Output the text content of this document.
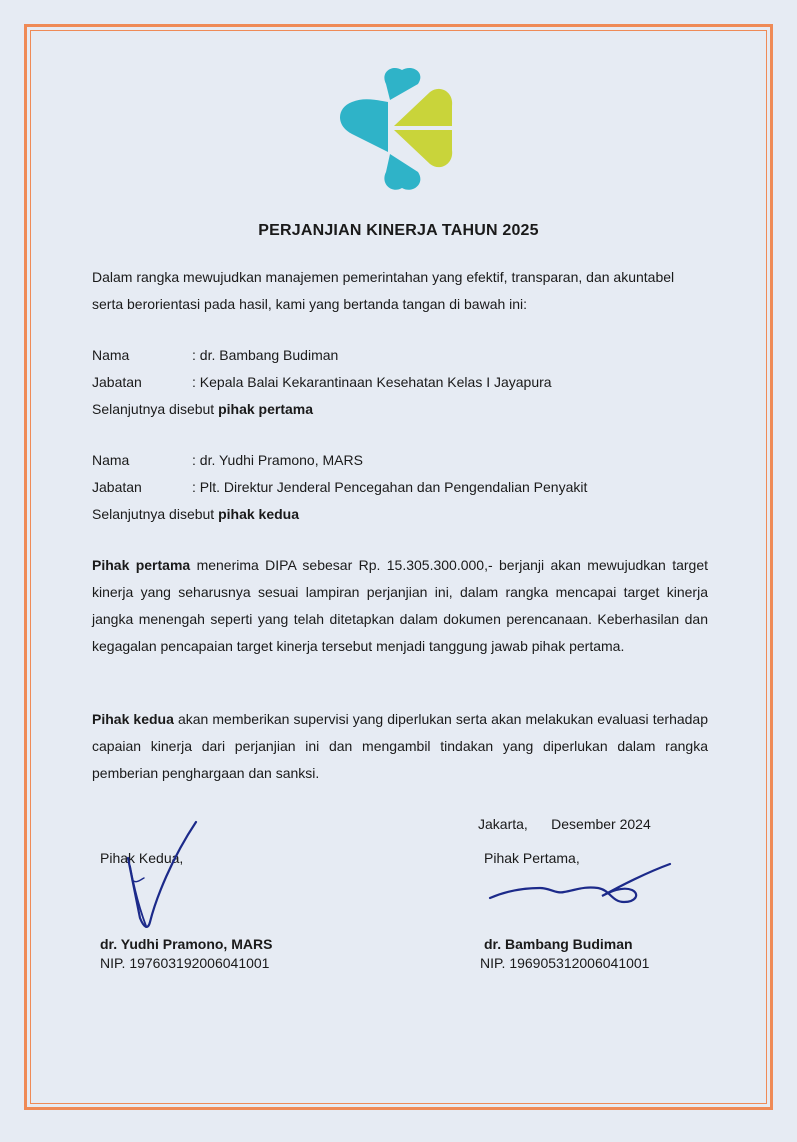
PERJANJIAN KINERJA TAHUN 2025
Dalam rangka mewujudkan manajemen pemerintahan yang efektif, transparan, dan akuntabel serta berorientasi pada hasil, kami yang bertanda tangan di bawah ini:
Nama	: dr. Bambang Budiman
Jabatan	: Kepala Balai Kekarantinaan Kesehatan Kelas I Jayapura
Selanjutnya disebut pihak pertama
Nama	: dr. Yudhi Pramono, MARS
Jabatan	: Plt. Direktur Jenderal Pencegahan dan Pengendalian Penyakit
Selanjutnya disebut pihak kedua
Pihak pertama menerima DIPA sebesar Rp. 15.305.300.000,- berjanji akan mewujudkan target kinerja yang seharusnya sesuai lampiran perjanjian ini, dalam rangka mencapai target kinerja jangka menengah seperti yang telah ditetapkan dalam dokumen perencanaan. Keberhasilan dan kegagalan pencapaian target kinerja tersebut menjadi tanggung jawab pihak pertama.
Pihak kedua akan memberikan supervisi yang diperlukan serta akan melakukan evaluasi terhadap capaian kinerja dari perjanjian ini dan mengambil tindakan yang diperlukan dalam rangka pemberian penghargaan dan sanksi.
Jakarta,      Desember 2024
Pihak Kedua,
dr. Yudhi Pramono, MARS
NIP. 197603192006041001
Pihak Pertama,
dr. Bambang Budiman
NIP. 196905312006041001
